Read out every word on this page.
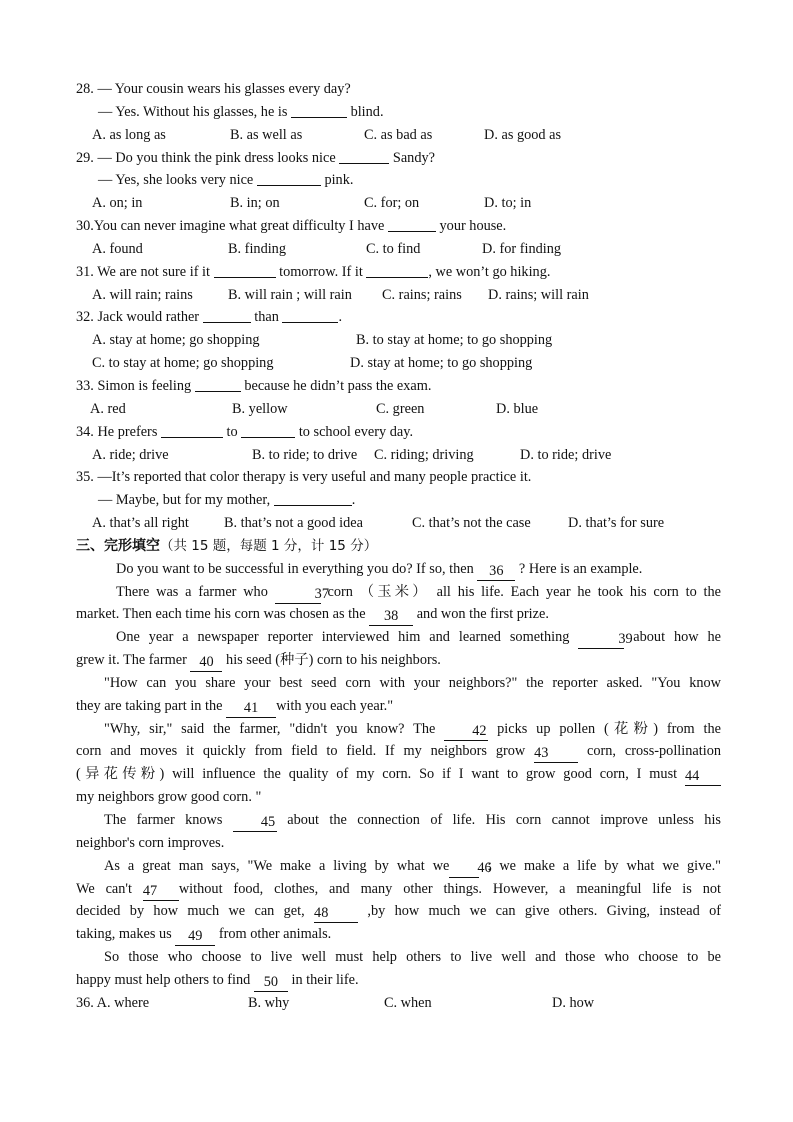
28. — Your cousin wears his glasses every day?
— Yes. Without his glasses, he is	blind.
A. as long as	B. as well as	C. as bad as	D. as good as
29. — Do you think the pink dress looks nice	Sandy?
— Yes, she looks very nice	pink.
A. on; in	B. in; on	C. for; on	D. to; in
30.You can never imagine what great difficulty I have	your house.
A. found	B. finding	C. to find	D. for finding
31. We are not sure if it	tomorrow. If it	, we won’t go hiking.
A. will rain; rains B. will rain ; will rain C. rains; rains D. rains; will rain
32. Jack would rather	than	.
A. stay at home; go shopping	B. to stay at home; to go shopping
C. to stay at home; go shopping	D. stay at home; to go shopping
33. Simon is feeling	because he didn’t pass the exam.
A. red	B. yellow	C. green	D. blue
34. He prefers	to	to school every day.
A. ride; drive	B. to ride; to drive C. riding; driving	D. to ride; drive
35. —It’s reported that color therapy is very useful and many people practice it.
— Maybe, but for my mother,	.
A. that’s all right B. that’s not a good idea	C. that’s not the case	D. that’s for sure
三、完形填空（共 15 题，每题 1 分，计 15 分）
Do you want to be successful in everything you do? If so, then 36 ? Here is an example.
There was a farmer who	37 corn （玉米） all his life. Each year he took his corn to the
market. Then each time his corn was chosen as the 38 and won the first prize.
One year a newspaper reporter interviewed him and learned something	39 about how he
grew it. The farmer 40 his seed (种子) corn to his neighbors.
"How can you share your best seed corn with your neighbors?" the reporter asked. "You know
they are taking part in the 41 with you each year."
"Why, sir," said the farmer, "didn't you know? The	42 picks up pollen (花粉) from the
corn and moves it quickly from field to field. If my neighbors grow 43	corn, cross-pollination
(异花传粉) will influence the quality of my corn. So if I want to grow good corn, I must 44
my neighbors grow good corn. "
The farmer knows	45 about the connection of life. His corn cannot improve unless his
neighbor's corn improves.
As a great man says, "We make a living by what we 46 ; we make a life by what we give."
We can't 47 without food, clothes, and many other things. However, a meaningful life is not
decided by how much we can get, 48	,by how much we can give others. Giving, instead of
taking, makes us 49 from other animals.
So those who choose to live well must help others to live well and those who choose to be
happy must help others to find 50 in their life.
36. A. where	B. why	C. when	D. how
